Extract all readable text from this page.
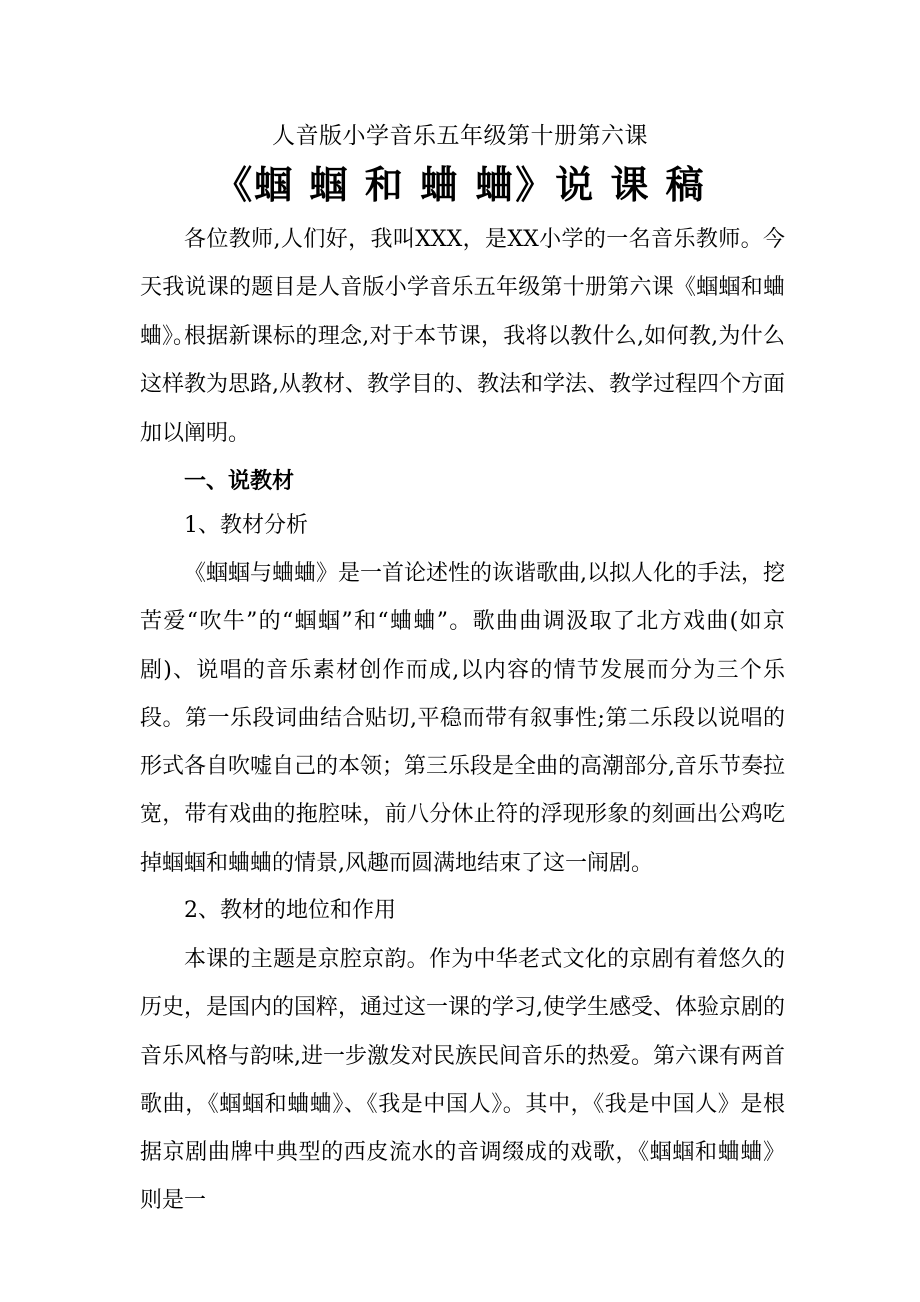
人音版小学音乐五年级第十册第六课
《蝈 蝈 和 蛐 蛐》说 课 稿

各位教师,人们好，我叫XXX，是XX小学的一名音乐教师。今天我说课的题目是人音版小学音乐五年级第十册第六课《蝈蝈和蛐蛐》。

根据新课标的理念,对于本节课，我将以教什么,如何教,为什么这样教为思路,从教材、教学目的、教法和学法、教学过程四个方面加以阐明。

一、说教材

1、教材分析

《蝈蝈与蛐蛐》是一首论述性的诙谐歌曲,以拟人化的手法，挖苦爱“吹牛”的“蝈蝈”和“蛐蛐”。歌曲曲调汲取了北方戏曲(如京剧)、说唱的音乐素材创作而成,以内容的情节发展而分为三个乐段。第一乐段词曲结合贴切,平稳而带有叙事性;第二乐段以说唱的形式各自吹嘘自己的本领；第三乐段是全曲的高潮部分,音乐节奏拉宽，带有戏曲的拖腔味，前八分休止符的浮现形象的刻画出公鸡吃掉蝈蝈和蛐蛐的情景,风趣而圆满地结束了这一闹剧。

2、教材的地位和作用

本课的主题是京腔京韵。作为中华老式文化的京剧有着悠久的历史，是国内的国粹，通过这一课的学习,使学生感受、体验京剧的音乐风格与韵味,进一步激发对民族民间音乐的热爱。第六课有两首歌曲，《蝈蝈和蛐蛐》、《我是中国人》。其中，《我是中国人》是根据京剧曲牌中典型的西皮流水的音调缀成的戏歌，《蝈蝈和蛐蛐》则是一
